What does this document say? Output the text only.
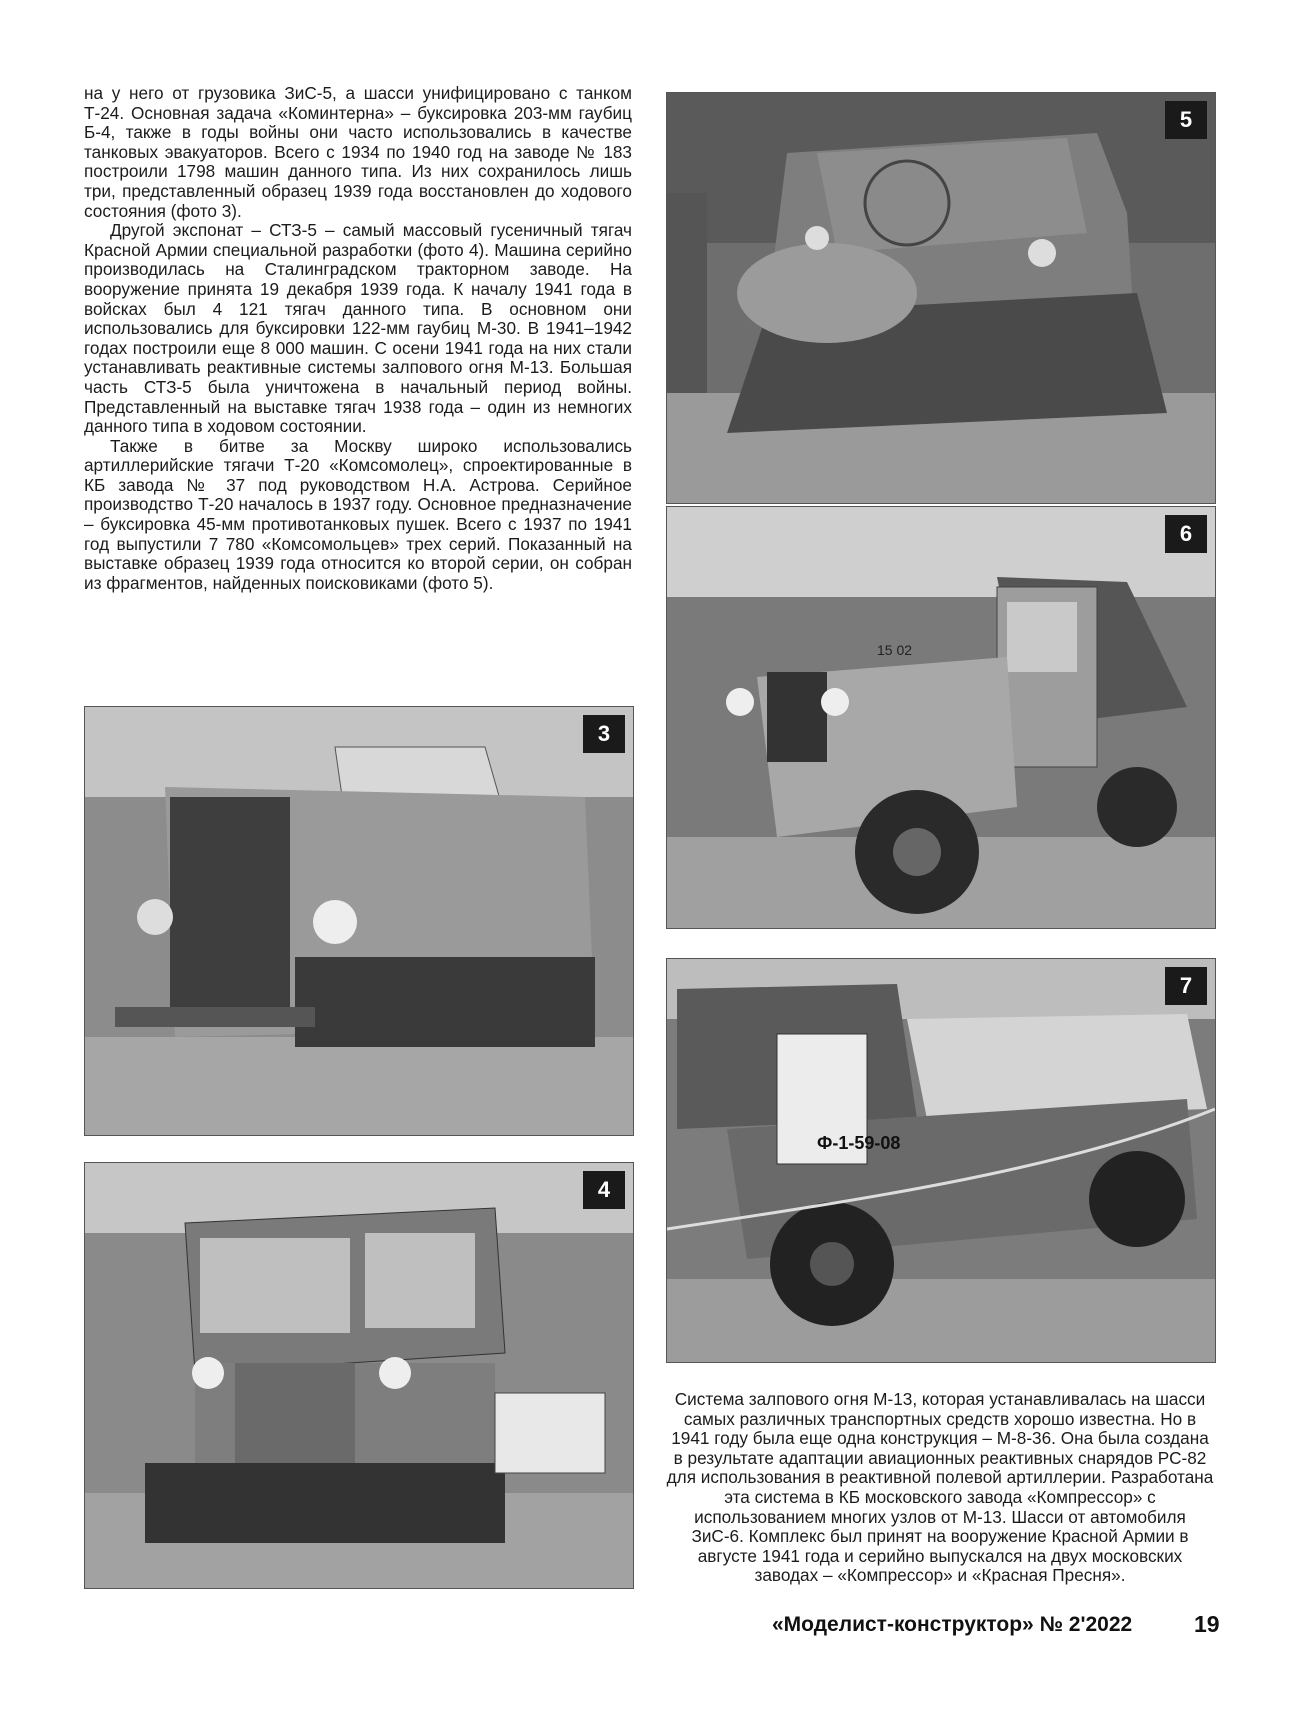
на у него от грузовика ЗиС-5, а шасси унифицировано с танком Т-24. Основная задача «Коминтерна» – буксировка 203-мм гаубиц Б-4, также в годы войны они часто использовались в качестве танковых эвакуаторов. Всего с 1934 по 1940 год на заводе № 183 построили 1798 машин данного типа. Из них сохранилось лишь три, представленный образец 1939 года восстановлен до ходового состояния (фото 3).

Другой экспонат – СТЗ-5 – самый массовый гусеничный тягач Красной Армии специальной разработки (фото 4). Машина серийно производилась на Сталинградском тракторном заводе. На вооружение принята 19 декабря 1939 года. К началу 1941 года в войсках был 4 121 тягач данного типа. В основном они использовались для буксировки 122-мм гаубиц М-30. В 1941–1942 годах построили еще 8 000 машин. С осени 1941 года на них стали устанавливать реактивные системы залпового огня М-13. Большая часть СТЗ-5 была уничтожена в начальный период войны. Представленный на выставке тягач 1938 года – один из немногих данного типа в ходовом состоянии.

Также в битве за Москву широко использовались артиллерийские тягачи Т-20 «Комсомолец», спроектированные в КБ завода № 37 под руководством Н.А. Астрова. Серийное производство Т-20 началось в 1937 году. Основное предназначение – буксировка 45-мм противотанковых пушек. Всего с 1937 по 1941 год выпустили 7 780 «Комсомольцев» трех серий. Показанный на выставке образец 1939 года относится ко второй серии, он собран из фрагментов, найденных поисковиками (фото 5).

5
15 02
6
Ф-1-59-08
7
3
4

Система залпового огня М-13, которая устанавливалась на шасси самых различных транспортных средств хорошо известна. Но в 1941 году была еще одна конструкция – М-8-36. Она была создана в результате адаптации авиационных реактивных снарядов РС-82 для использования в реактивной полевой артиллерии. Разработана эта система в КБ московского завода «Компрессор» с использованием многих узлов от М-13. Шасси от автомобиля ЗиС-6. Комплекс был принят на вооружение Красной Армии в августе 1941 года и серийно выпускался на двух московских заводах – «Компрессор» и «Красная Пресня».

«Моделист-конструктор» № 2'2022	19
